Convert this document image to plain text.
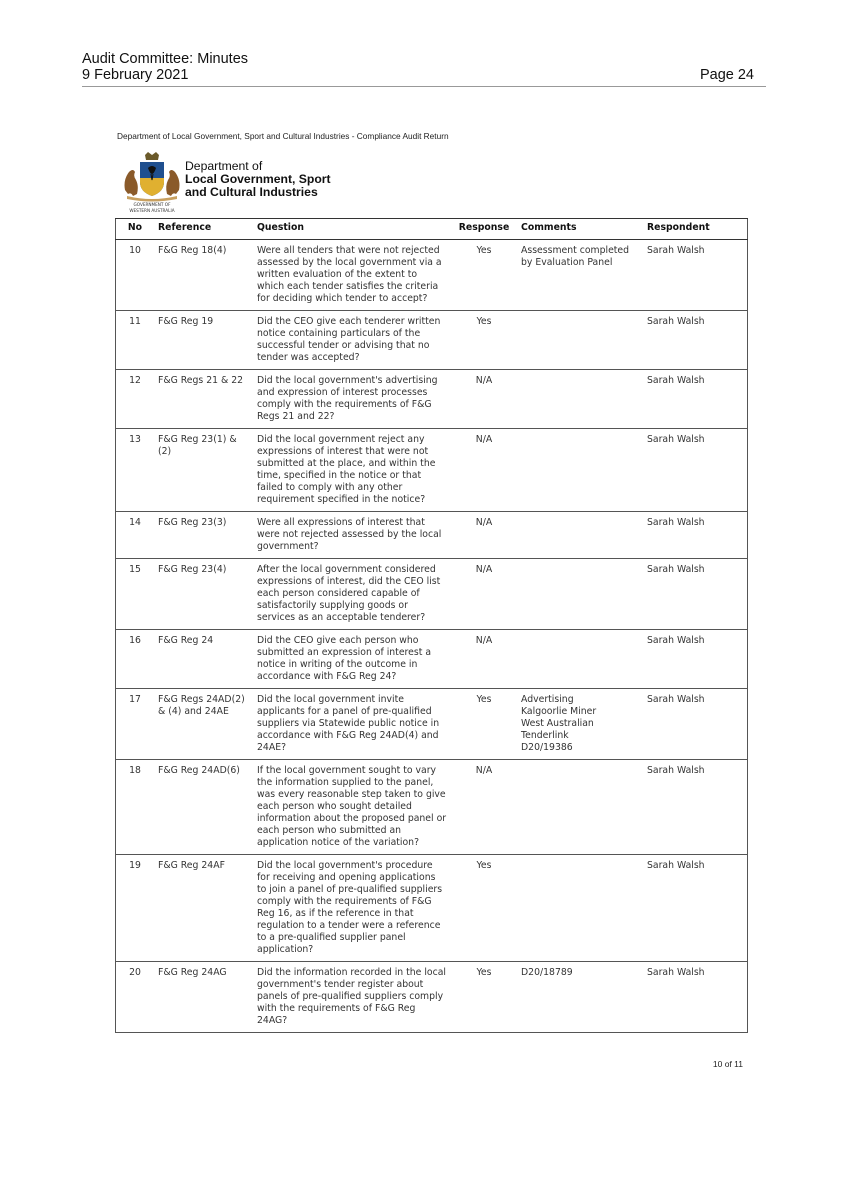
Audit Committee: Minutes
9 February 2021	Page 24
Department of Local Government, Sport and Cultural Industries - Compliance Audit Return
GOVERNMENT OF
WESTERN AUSTRALIA
Department of
Local Government, Sport
and Cultural Industries
No	Reference	Question	Response	Comments	Respondent
10	F&G Reg 18(4)	Were all tenders that were not rejected assessed by the local government via a written evaluation of the extent to which each tender satisfies the criteria for deciding which tender to accept?	Yes	Assessment completed by Evaluation Panel	Sarah Walsh
11	F&G Reg 19	Did the CEO give each tenderer written notice containing particulars of the successful tender or advising that no tender was accepted?	Yes		Sarah Walsh
12	F&G Regs 21 & 22	Did the local government's advertising and expression of interest processes comply with the requirements of F&G Regs 21 and 22?	N/A		Sarah Walsh
13	F&G Reg 23(1) & (2)	Did the local government reject any expressions of interest that were not submitted at the place, and within the time, specified in the notice or that failed to comply with any other requirement specified in the notice?	N/A		Sarah Walsh
14	F&G Reg 23(3)	Were all expressions of interest that were not rejected assessed by the local government?	N/A		Sarah Walsh
15	F&G Reg 23(4)	After the local government considered expressions of interest, did the CEO list each person considered capable of satisfactorily supplying goods or services as an acceptable tenderer?	N/A		Sarah Walsh
16	F&G Reg 24	Did the CEO give each person who submitted an expression of interest a notice in writing of the outcome in accordance with F&G Reg 24?	N/A		Sarah Walsh
17	F&G Regs 24AD(2) & (4) and 24AE	Did the local government invite applicants for a panel of pre-qualified suppliers via Statewide public notice in accordance with F&G Reg 24AD(4) and 24AE?	Yes	Advertising
Kalgoorlie Miner
West Australian
Tenderlink
D20/19386	Sarah Walsh
18	F&G Reg 24AD(6)	If the local government sought to vary the information supplied to the panel, was every reasonable step taken to give each person who sought detailed information about the proposed panel or each person who submitted an application notice of the variation?	N/A		Sarah Walsh
19	F&G Reg 24AF	Did the local government's procedure for receiving and opening applications to join a panel of pre-qualified suppliers comply with the requirements of F&G Reg 16, as if the reference in that regulation to a tender were a reference to a pre-qualified supplier panel application?	Yes		Sarah Walsh
20	F&G Reg 24AG	Did the information recorded in the local government's tender register about panels of pre-qualified suppliers comply with the requirements of F&G Reg 24AG?	Yes	D20/18789	Sarah Walsh
10 of 11
